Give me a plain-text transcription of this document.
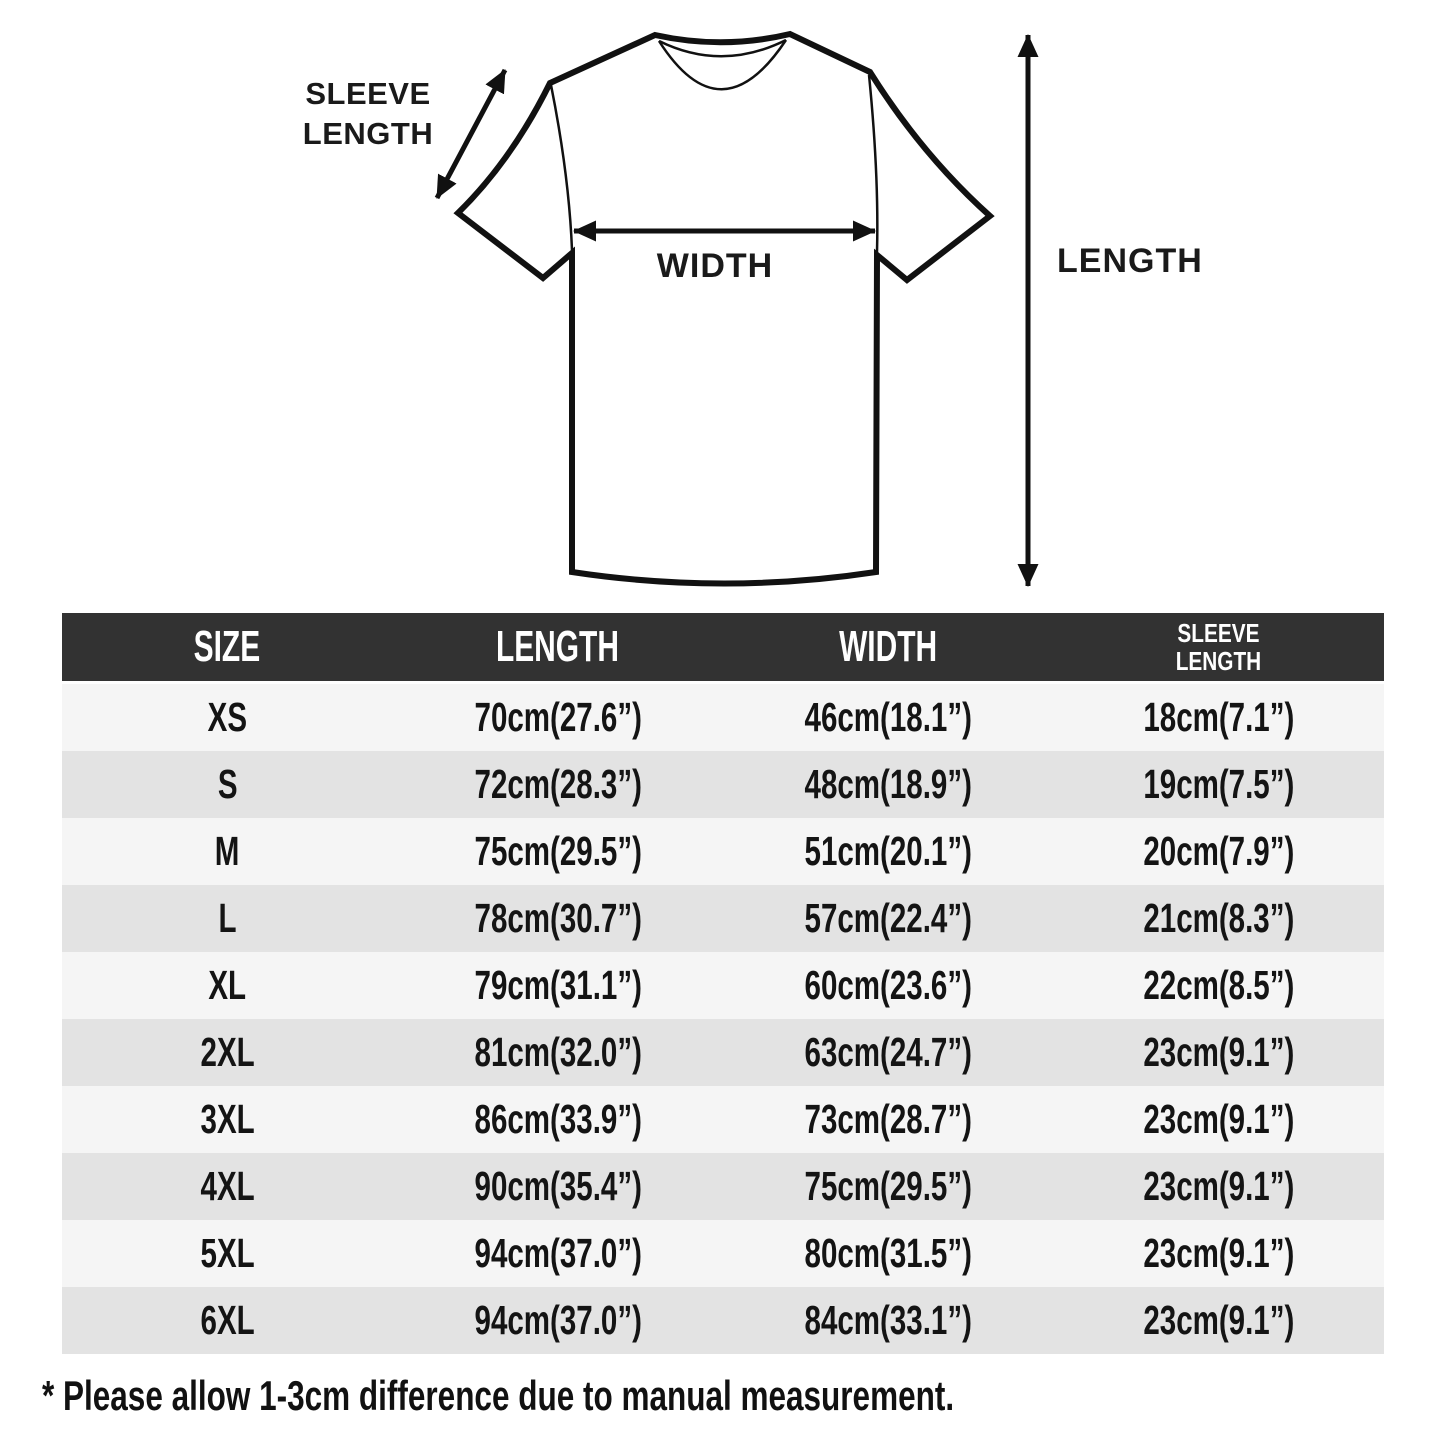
SLEEVE
LENGTH
WIDTH	LENGTH
SIZE	LENGTH	WIDTH	SLEEVE
LENGTH
XS	70cm(27.6”)	46cm(18.1”)	18cm(7.1”)
S	72cm(28.3”)	48cm(18.9”)	19cm(7.5”)
M	75cm(29.5”)	51cm(20.1”)	20cm(7.9”)
L	78cm(30.7”)	57cm(22.4”)	21cm(8.3”)
XL	79cm(31.1”)	60cm(23.6”)	22cm(8.5”)
2XL	81cm(32.0”)	63cm(24.7”)	23cm(9.1”)
3XL	86cm(33.9”)	73cm(28.7”)	23cm(9.1”)
4XL	90cm(35.4”)	75cm(29.5”)	23cm(9.1”)
5XL	94cm(37.0”)	80cm(31.5”)	23cm(9.1”)
6XL	94cm(37.0”)	84cm(33.1”)	23cm(9.1”)
* Please allow 1-3cm difference due to manual measurement.
